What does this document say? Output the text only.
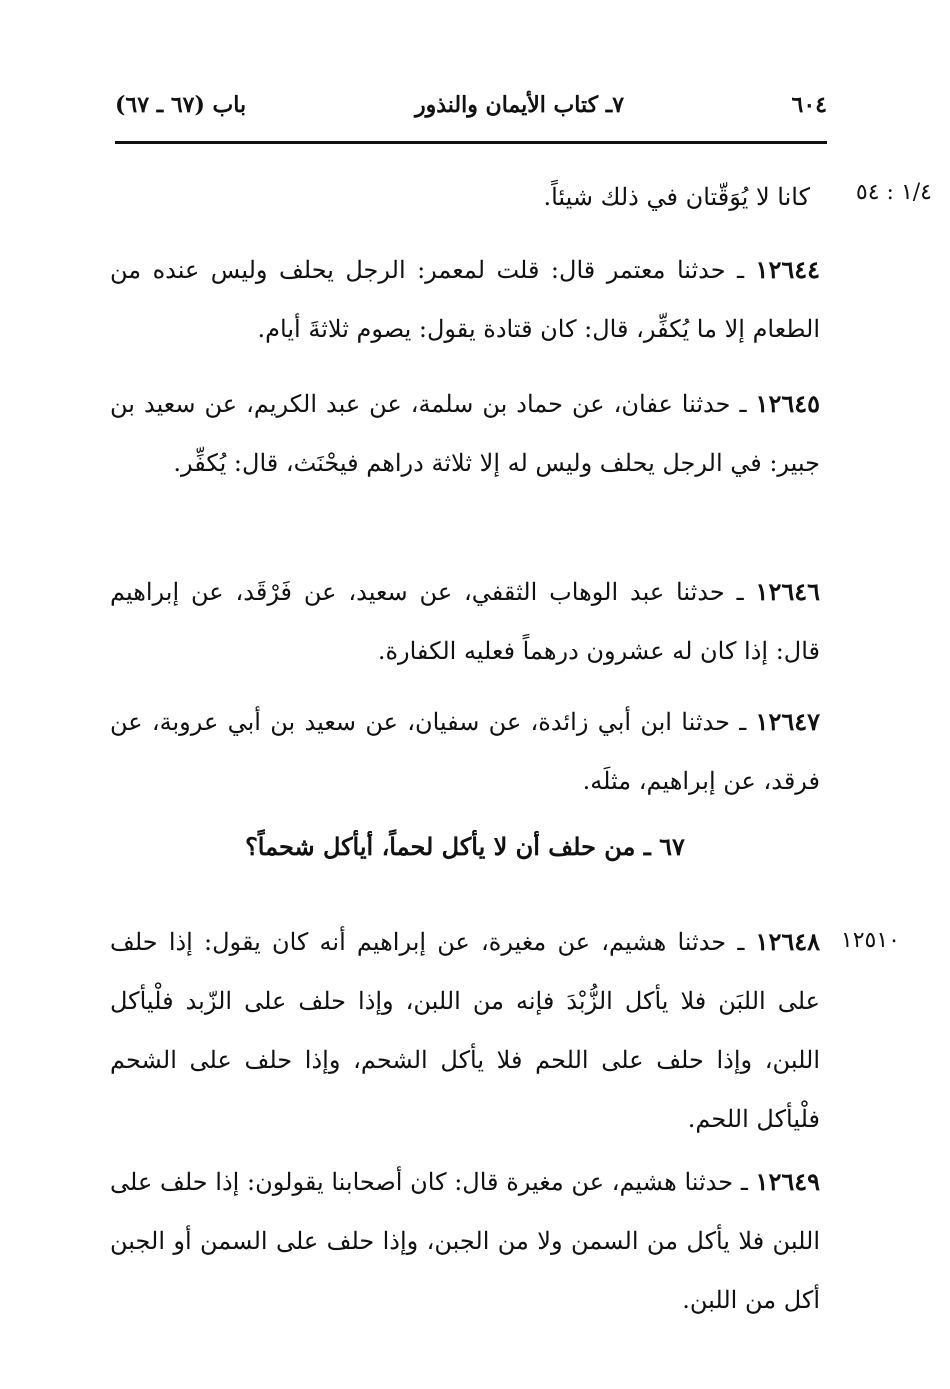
٦٠٤
٧ـ كتاب الأيمان والنذور
باب (٦٧ ـ ٦٧)
١/٤ : ٥٤
كانا لا يُوَقّتان في ذلك شيئاً.
١٢٦٤٤ ـ حدثنا معتمر قال: قلت لمعمر: الرجل يحلف وليس عنده من الطعام إلا ما يُكفِّر، قال: كان قتادة يقول: يصوم ثلاثةَ أيام.
١٢٦٤٥ ـ حدثنا عفان، عن حماد بن سلمة، عن عبد الكريم، عن سعيد بن جبير: في الرجل يحلف وليس له إلا ثلاثة دراهم فيحْنَث، قال: يُكفِّر.
١٢٦٤٦ ـ حدثنا عبد الوهاب الثقفي، عن سعيد، عن فَرْقَد، عن إبراهيم قال: إذا كان له عشرون درهماً فعليه الكفارة.
١٢٦٤٧ ـ حدثنا ابن أبي زائدة، عن سفيان، عن سعيد بن أبي عروبة، عن فرقد، عن إبراهيم، مثلَه.
٦٧ ـ من حلف أن لا يأكل لحماً، أيأكل شحماً؟
١٢٥١٠
١٢٦٤٨ ـ حدثنا هشيم، عن مغيرة، عن إبراهيم أنه كان يقول: إذا حلف على اللبَن فلا يأكل الزُّبْدَ فإنه من اللبن، وإذا حلف على الزّبد فلْيأكل اللبن، وإذا حلف على اللحم فلا يأكل الشحم، وإذا حلف على الشحم فلْيأكل اللحم.
١٢٦٤٩ ـ حدثنا هشيم، عن مغيرة قال: كان أصحابنا يقولون: إذا حلف على اللبن فلا يأكل من السمن ولا من الجبن، وإذا حلف على السمن أو الجبن أكل من اللبن.
